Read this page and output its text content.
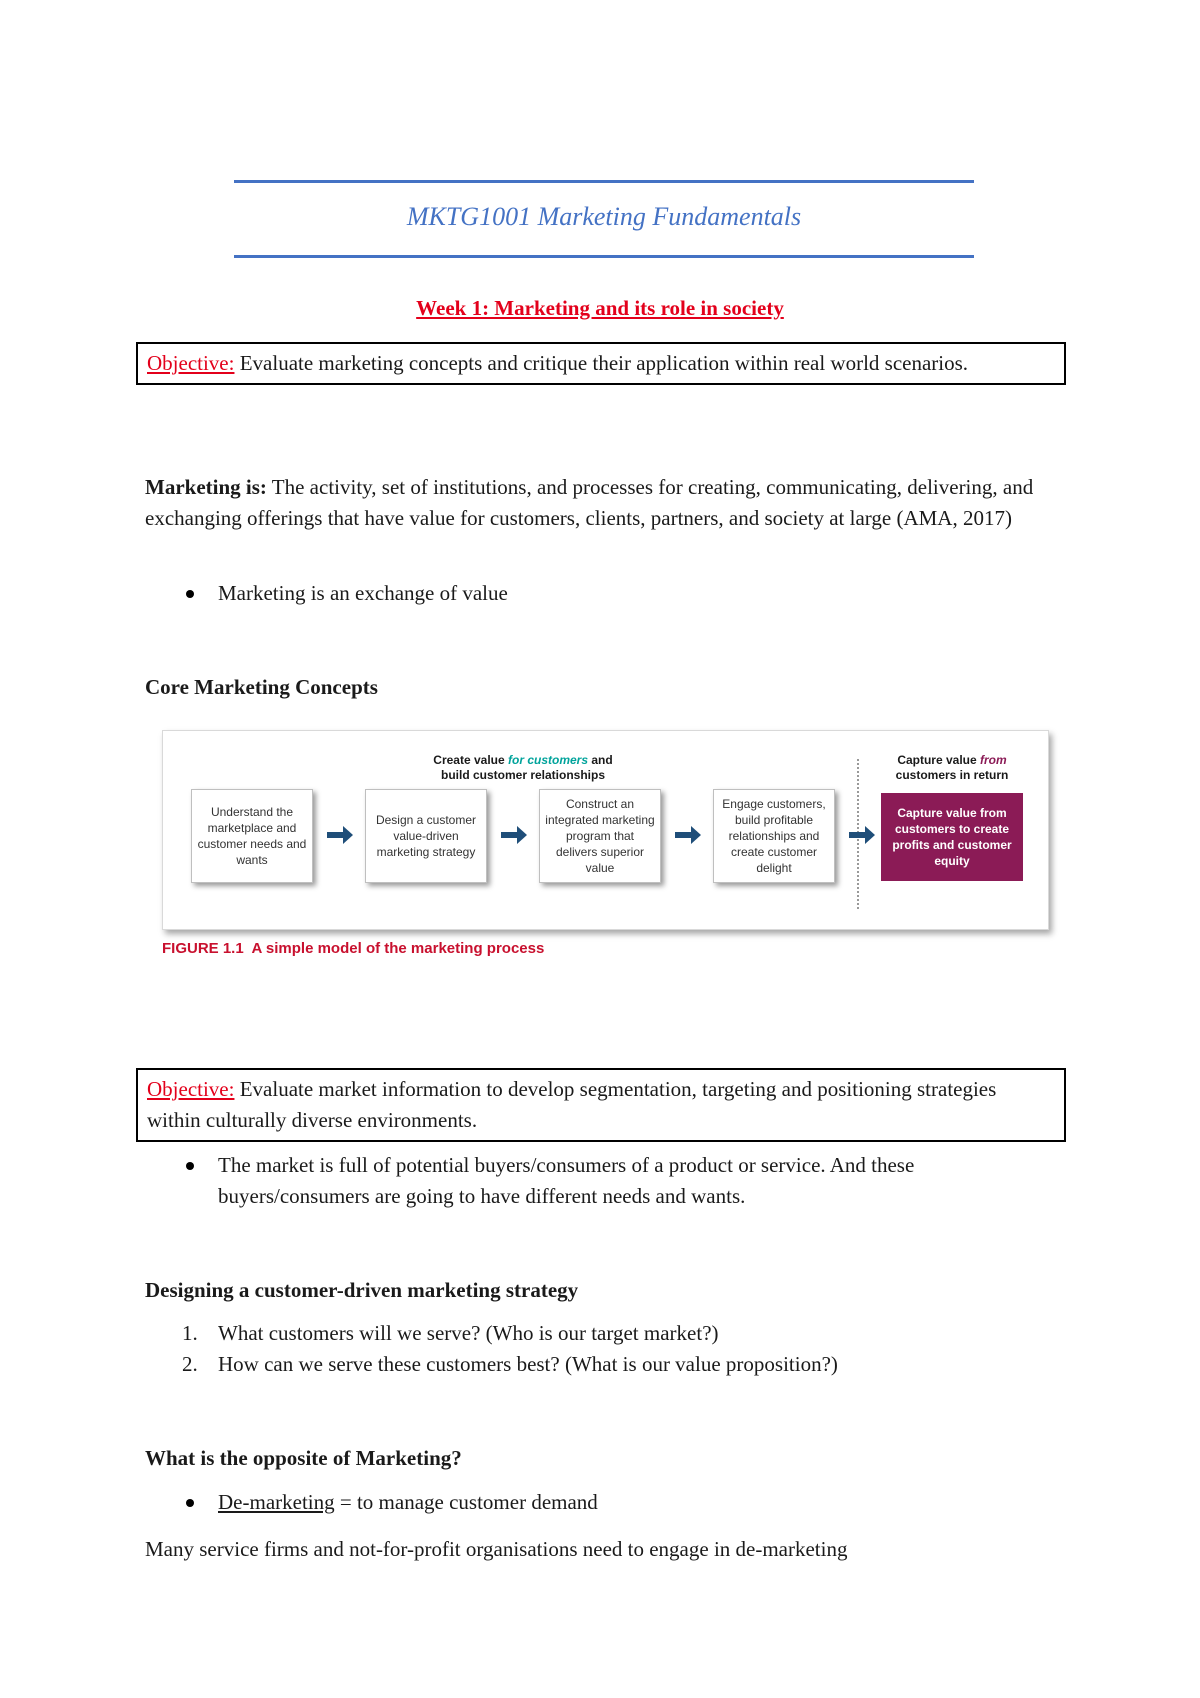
MKTG1001 Marketing Fundamentals
Week 1: Marketing and its role in society
Objective: Evaluate marketing concepts and critique their application within real world scenarios.
Marketing is: The activity, set of institutions, and processes for creating, communicating, delivering, and exchanging offerings that have value for customers, clients, partners, and society at large (AMA, 2017)
Marketing is an exchange of value
Core Marketing Concepts
Create value for customers and
build customer relationships
Capture value from
customers in return
Understand the marketplace and customer needs and wants
Design a customer value-driven marketing strategy
Construct an integrated marketing program that delivers superior value
Engage customers, build profitable relationships and create customer delight
Capture value from customers to create profits and customer equity
FIGURE 1.1 A simple model of the marketing process
Objective: Evaluate market information to develop segmentation, targeting and positioning strategies within culturally diverse environments.
The market is full of potential buyers/consumers of a product or service. And these buyers/consumers are going to have different needs and wants.
Designing a customer-driven marketing strategy
1. What customers will we serve? (Who is our target market?)
2. How can we serve these customers best? (What is our value proposition?)
What is the opposite of Marketing?
De-marketing = to manage customer demand
Many service firms and not-for-profit organisations need to engage in de-marketing
